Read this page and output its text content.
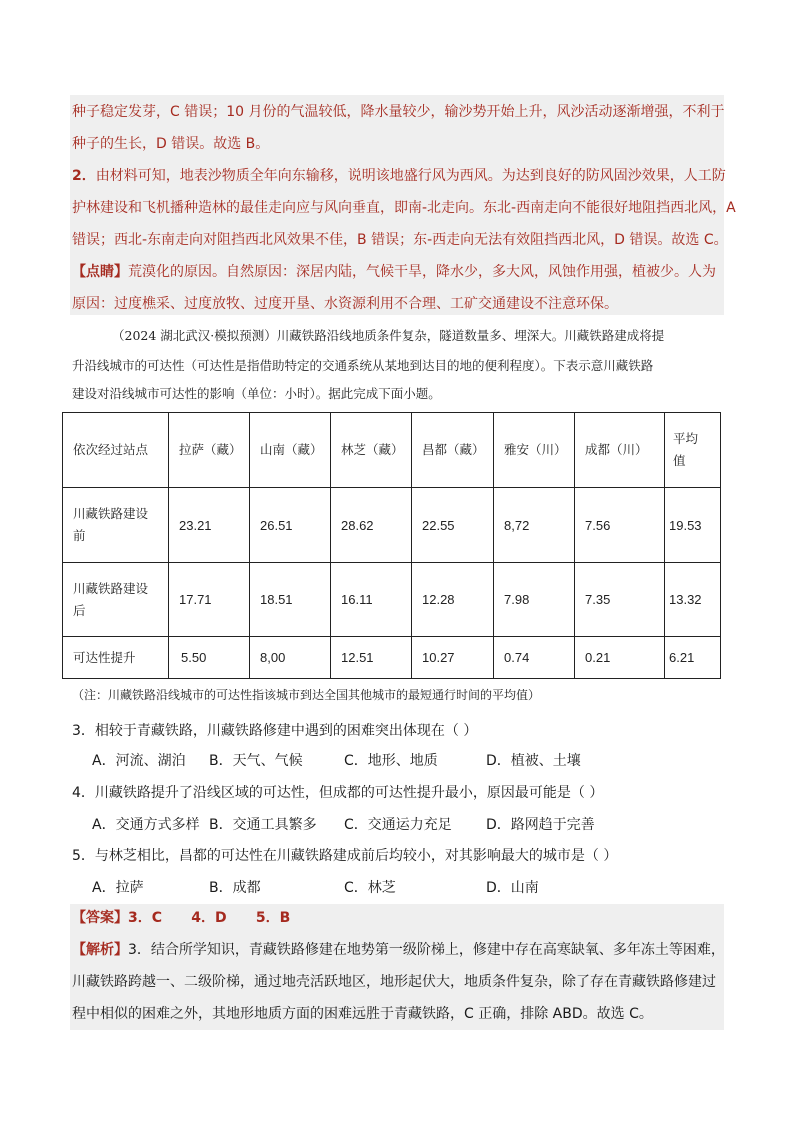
种子稳定发芽，C 错误；10 月份的气温较低，降水量较少，输沙势开始上升，风沙活动逐渐增强，不利于
种子的生长，D 错误。故选 B。
2．由材料可知，地表沙物质全年向东输移，说明该地盛行风为西风。为达到良好的防风固沙效果，人工防
护林建设和飞机播种造林的最佳走向应与风向垂直，即南-北走向。东北-西南走向不能很好地阻挡西北风，A
错误；西北-东南走向对阻挡西北风效果不佳，B 错误；东-西走向无法有效阻挡西北风，D 错误。故选 C。
【点睛】荒漠化的原因。自然原因：深居内陆，气候干旱，降水少，多大风，风蚀作用强，植被少。人为
原因：过度樵采、过度放牧、过度开垦、水资源利用不合理、工矿交通建设不注意环保。
（2024 湖北武汉·模拟预测）川藏铁路沿线地质条件复杂，隧道数量多、埋深大。川藏铁路建成将提
升沿线城市的可达性（可达性是指借助特定的交通系统从某地到达目的地的便利程度）。下表示意川藏铁路
建设对沿线城市可达性的影响（单位：小时）。据此完成下面小题。
依次经过站点	拉萨（藏）	山南（藏）	林芝（藏）	昌都（藏）	雅安（川）	成都（川）	平均
值

川藏铁路建设
前	23.21	26.51	28.62	22.55	8,72	7.56	19.53

川藏铁路建设
后	17.71	18.51	16.11	12.28	7.98	7.35	13.32

可达性提升	5.50	8,00	12.51	10.27	0.74	0.21	6.21
（注：川藏铁路沿线城市的可达性指该城市到达全国其他城市的最短通行时间的平均值）
3．相较于青藏铁路，川藏铁路修建中遇到的困难突出体现在（ ）
A．河流、湖泊 B．天气、气候	C．地形、地质	D．植被、土壤
4．川藏铁路提升了沿线区域的可达性，但成都的可达性提升最小，原因最可能是（ ）
A．交通方式多样 B．交通工具繁多 C．交通运力充足 D．路网趋于完善
5．与林芝相比，昌都的可达性在川藏铁路建成前后均较小，对其影响最大的城市是（ ）
A．拉萨	B．成都	C．林芝	D．山南
【答案】3．C      4．D      5．B
【解析】3．结合所学知识，青藏铁路修建在地势第一级阶梯上，修建中存在高寒缺氧、多年冻土等困难，
川藏铁路跨越一、二级阶梯，通过地壳活跃地区，地形起伏大，地质条件复杂，除了存在青藏铁路修建过
程中相似的困难之外，其地形地质方面的困难远胜于青藏铁路，C 正确，排除 ABD。故选 C。
